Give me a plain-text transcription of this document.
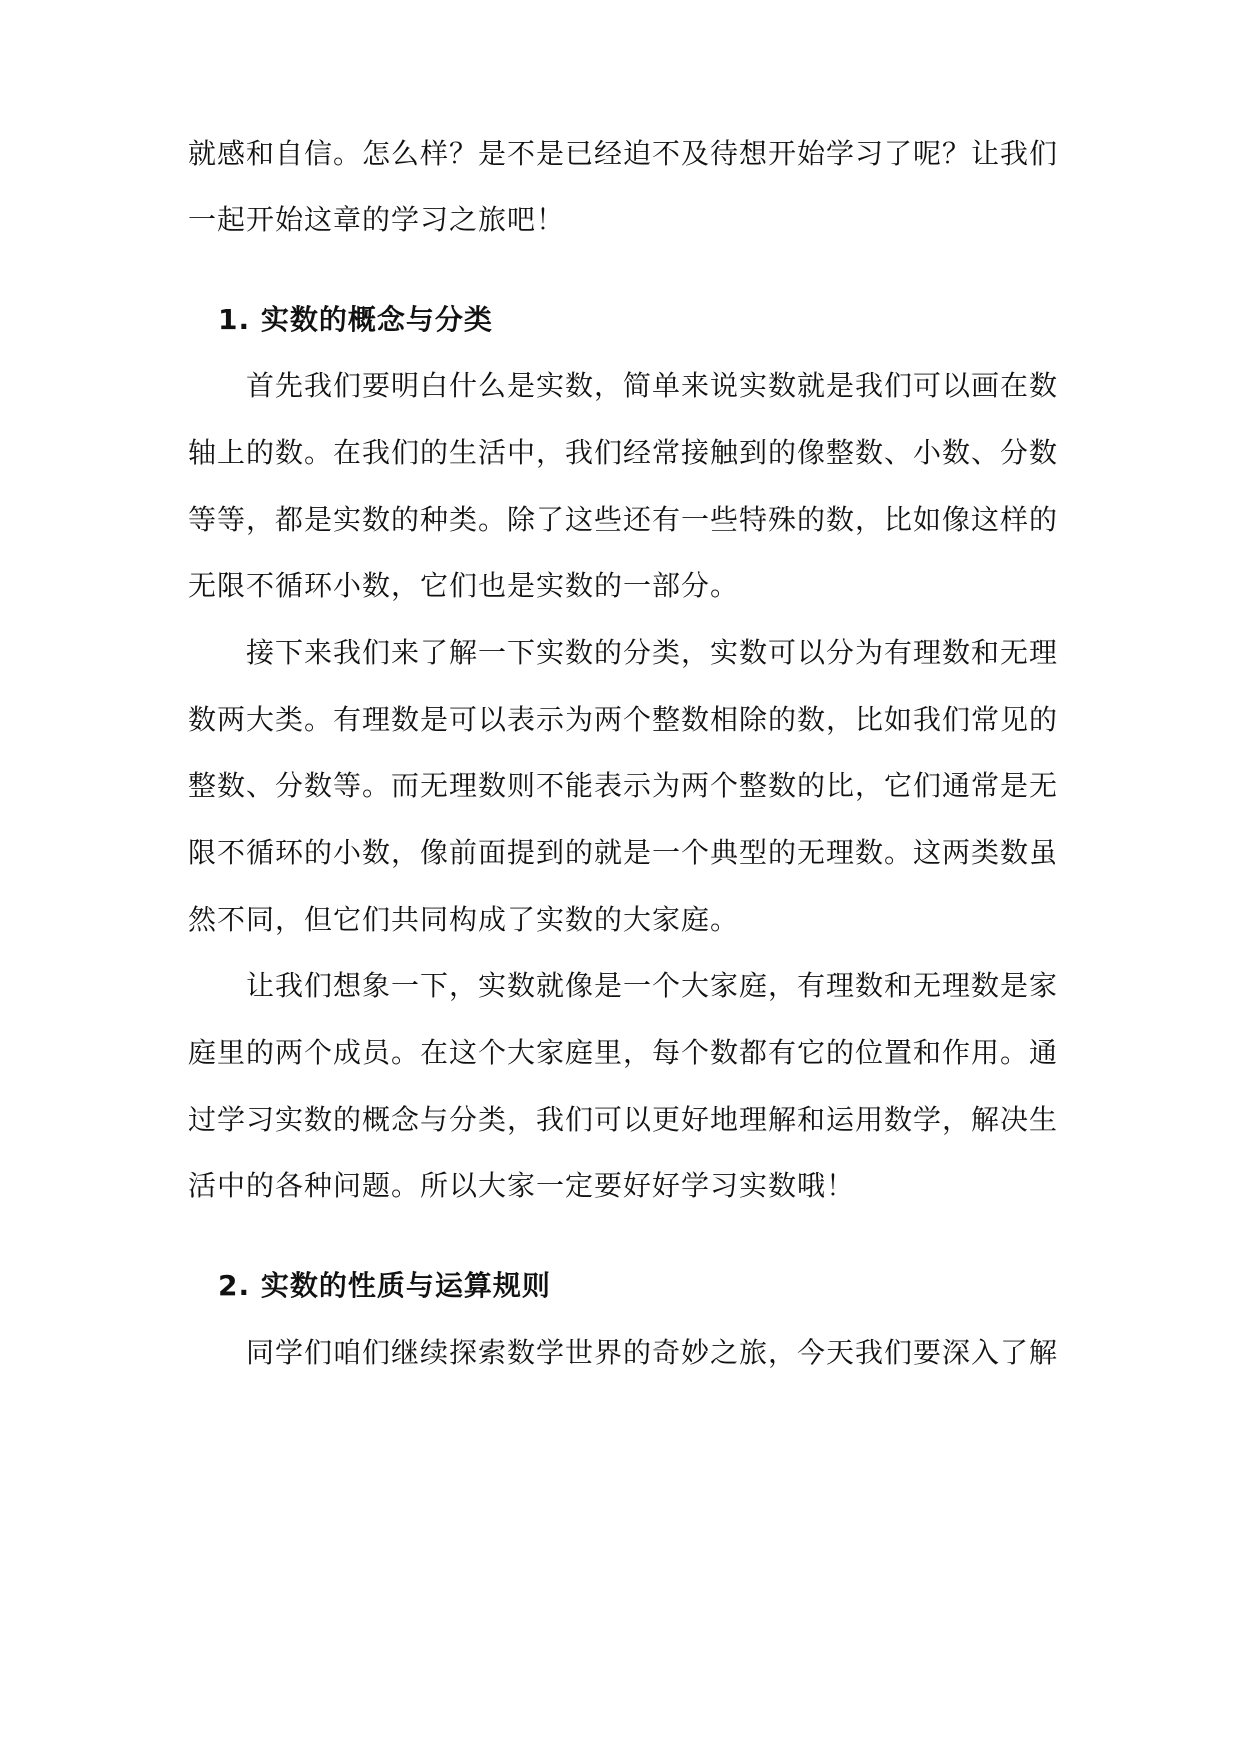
就感和自信。怎么样？是不是已经迫不及待想开始学习了呢？让我们
一起开始这章的学习之旅吧！
1. 实数的概念与分类
首先我们要明白什么是实数，简单来说实数就是我们可以画在数
轴上的数。在我们的生活中，我们经常接触到的像整数、小数、分数
等等，都是实数的种类。除了这些还有一些特殊的数，比如像这样的
无限不循环小数，它们也是实数的一部分。
接下来我们来了解一下实数的分类，实数可以分为有理数和无理
数两大类。有理数是可以表示为两个整数相除的数，比如我们常见的
整数、分数等。而无理数则不能表示为两个整数的比，它们通常是无
限不循环的小数，像前面提到的就是一个典型的无理数。这两类数虽
然不同，但它们共同构成了实数的大家庭。
让我们想象一下，实数就像是一个大家庭，有理数和无理数是家
庭里的两个成员。在这个大家庭里，每个数都有它的位置和作用。通
过学习实数的概念与分类，我们可以更好地理解和运用数学，解决生
活中的各种问题。所以大家一定要好好学习实数哦！
2. 实数的性质与运算规则
同学们咱们继续探索数学世界的奇妙之旅，今天我们要深入了解
